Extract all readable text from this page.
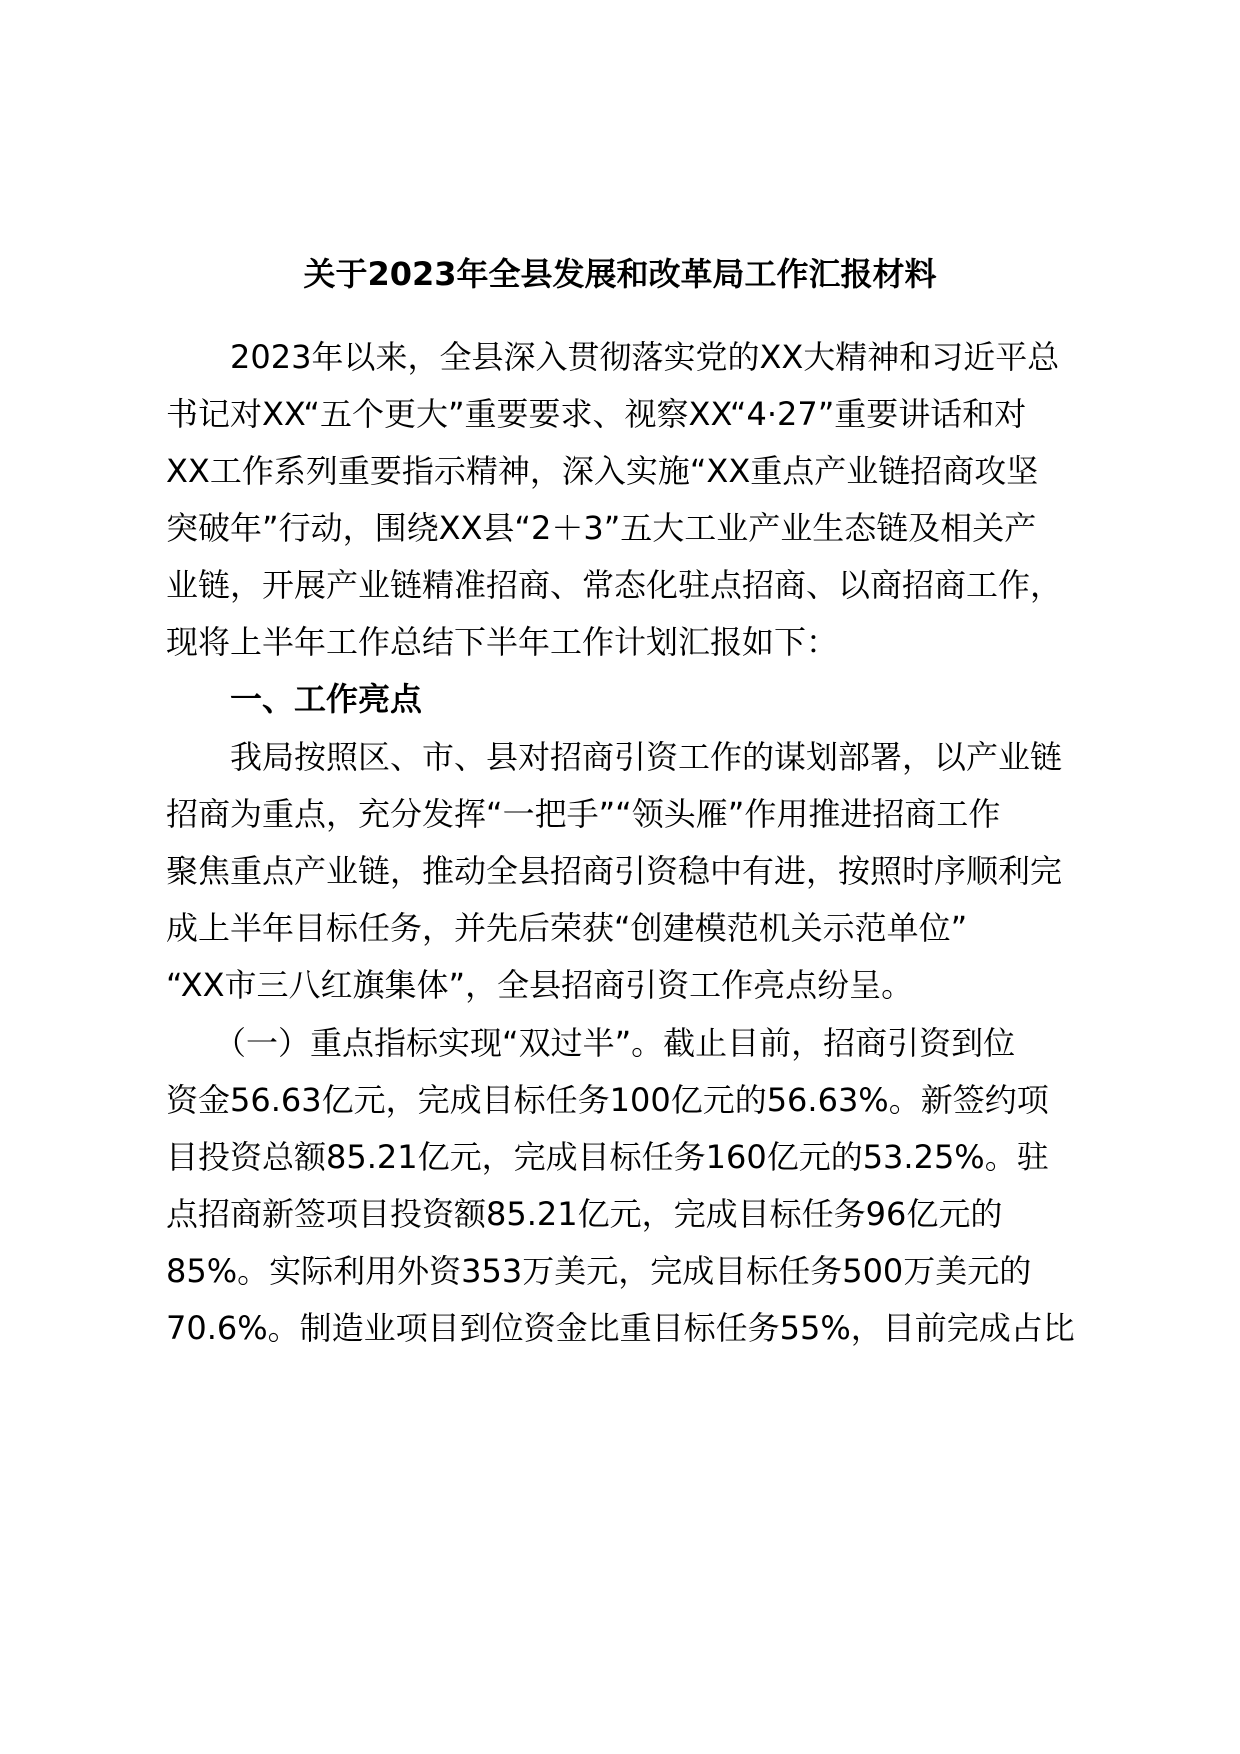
关于2023年全县发展和改革局工作汇报材料
　　2023年以来，全县深入贯彻落实党的XX大精神和习近平总
书记对XX“五个更大”重要要求、视察XX“4·27”重要讲话和对
XX工作系列重要指示精神，深入实施“XX重点产业链招商攻坚
突破年”行动，围绕XX县“2＋3”五大工业产业生态链及相关产
业链，开展产业链精准招商、常态化驻点招商、以商招商工作，
现将上半年工作总结下半年工作计划汇报如下：
　　一、工作亮点
　　我局按照区、市、县对招商引资工作的谋划部署，以产业链
招商为重点，充分发挥“一把手”“领头雁”作用推进招商工作
聚焦重点产业链，推动全县招商引资稳中有进，按照时序顺利完
成上半年目标任务，并先后荣获“创建模范机关示范单位”
“XX市三八红旗集体”，全县招商引资工作亮点纷呈。
　　（一）重点指标实现“双过半”。截止目前，招商引资到位
资金56.63亿元，完成目标任务100亿元的56.63%。新签约项
目投资总额85.21亿元，完成目标任务160亿元的53.25%。驻
点招商新签项目投资额85.21亿元，完成目标任务96亿元的
85%。实际利用外资353万美元，完成目标任务500万美元的
70.6%。制造业项目到位资金比重目标任务55%，目前完成占比
